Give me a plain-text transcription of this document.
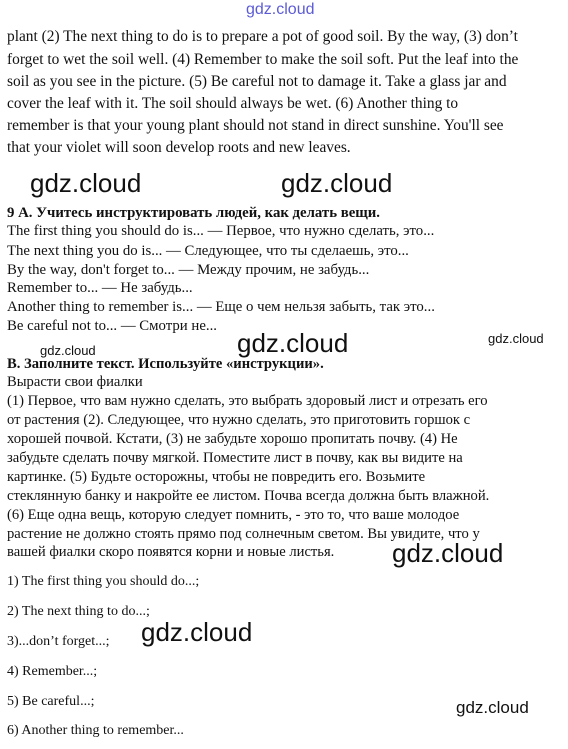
gdz.cloud
gdz.cloud	gdz.cloud
gdz.cloud	gdz.cloud
gdz.cloud
gdz.cloud
gdz.cloud
gdz.cloud
plant (2) The next thing to do is to prepare a pot of good soil. By the way, (3) don’t
forget to wet the soil well. (4) Remember to make the soil soft. Put the leaf into the
soil as you see in the picture. (5) Be careful not to damage it. Take a glass jar and
cover the leaf with it. The soil should always be wet. (6) Another thing to
remember is that your young plant should not stand in direct sunshine. You'll see
that your violet will soon develop roots and new leaves.
9 А. Учитесь инструктировать людей, как делать вещи.
The first thing you should do is... — Первое, что нужно сделать, это...
The next thing you do is... — Следующее, что ты сделаешь, это...
By the way, don't forget to... — Между прочим, не забудь...
Remember to... — Не забудь...
Another thing to remember is... — Еще о чем нельзя забыть, так это...
Be careful not to... — Смотри не...
В. Заполните текст. Используйте «инструкции».
Вырасти свои фиалки
(1) Первое, что вам нужно сделать, это выбрать здоровый лист и отрезать его
от растения (2). Следующее, что нужно сделать, это приготовить горшок с
хорошей почвой. Кстати, (3) не забудьте хорошо пропитать почву. (4) Не
забудьте сделать почву мягкой. Поместите лист в почву, как вы видите на
картинке. (5) Будьте осторожны, чтобы не повредить его. Возьмите
стеклянную банку и накройте ее листом. Почва всегда должна быть влажной.
(6) Еще одна вещь, которую следует помнить, - это то, что ваше молодое
растение не должно стоять прямо под солнечным светом. Вы увидите, что у
вашей фиалки скоро появятся корни и новые листья.
1) The first thing you should do...;
2) The next thing to do...;
3)...don’t forget...;
4) Remember...;
5) Be careful...;
6) Another thing to remember...
